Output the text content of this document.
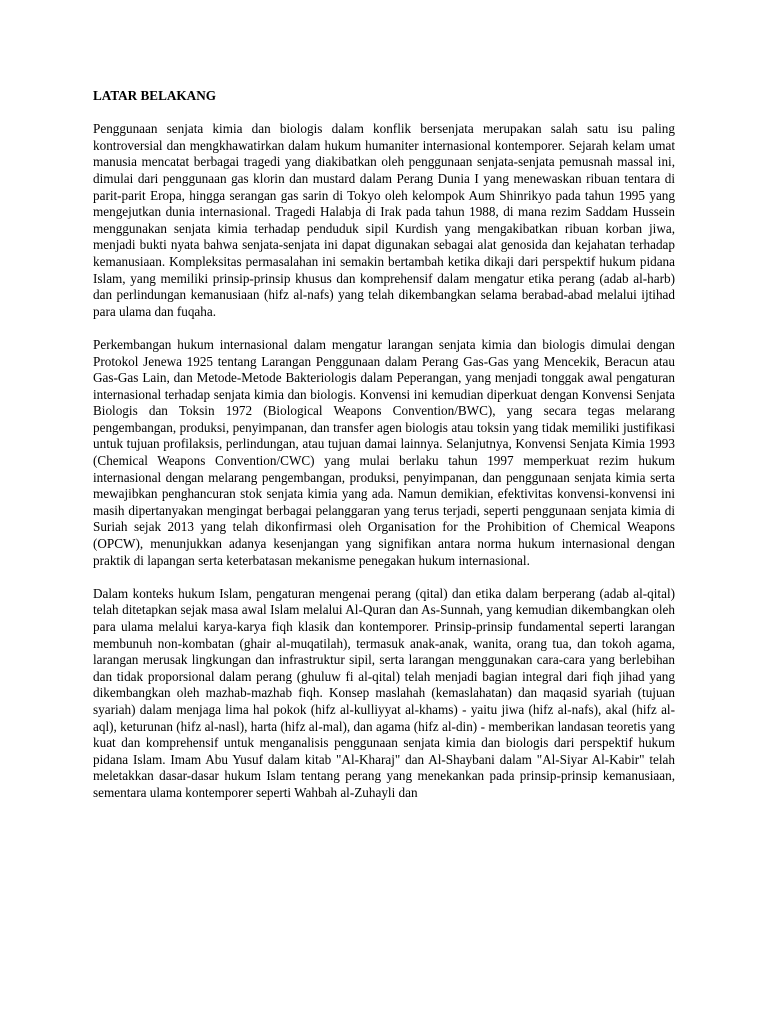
LATAR BELAKANG

Penggunaan senjata kimia dan biologis dalam konflik bersenjata merupakan salah satu isu paling kontroversial dan mengkhawatirkan dalam hukum humaniter internasional kontemporer. Sejarah kelam umat manusia mencatat berbagai tragedi yang diakibatkan oleh penggunaan senjata-senjata pemusnah massal ini, dimulai dari penggunaan gas klorin dan mustard dalam Perang Dunia I yang menewaskan ribuan tentara di parit-parit Eropa, hingga serangan gas sarin di Tokyo oleh kelompok Aum Shinrikyo pada tahun 1995 yang mengejutkan dunia internasional. Tragedi Halabja di Irak pada tahun 1988, di mana rezim Saddam Hussein menggunakan senjata kimia terhadap penduduk sipil Kurdish yang mengakibatkan ribuan korban jiwa, menjadi bukti nyata bahwa senjata-senjata ini dapat digunakan sebagai alat genosida dan kejahatan terhadap kemanusiaan. Kompleksitas permasalahan ini semakin bertambah ketika dikaji dari perspektif hukum pidana Islam, yang memiliki prinsip-prinsip khusus dan komprehensif dalam mengatur etika perang (adab al-harb) dan perlindungan kemanusiaan (hifz al-nafs) yang telah dikembangkan selama berabad-abad melalui ijtihad para ulama dan fuqaha.

Perkembangan hukum internasional dalam mengatur larangan senjata kimia dan biologis dimulai dengan Protokol Jenewa 1925 tentang Larangan Penggunaan dalam Perang Gas-Gas yang Mencekik, Beracun atau Gas-Gas Lain, dan Metode-Metode Bakteriologis dalam Peperangan, yang menjadi tonggak awal pengaturan internasional terhadap senjata kimia dan biologis. Konvensi ini kemudian diperkuat dengan Konvensi Senjata Biologis dan Toksin 1972 (Biological Weapons Convention/BWC), yang secara tegas melarang pengembangan, produksi, penyimpanan, dan transfer agen biologis atau toksin yang tidak memiliki justifikasi untuk tujuan profilaksis, perlindungan, atau tujuan damai lainnya. Selanjutnya, Konvensi Senjata Kimia 1993 (Chemical Weapons Convention/CWC) yang mulai berlaku tahun 1997 memperkuat rezim hukum internasional dengan melarang pengembangan, produksi, penyimpanan, dan penggunaan senjata kimia serta mewajibkan penghancuran stok senjata kimia yang ada. Namun demikian, efektivitas konvensi-konvensi ini masih dipertanyakan mengingat berbagai pelanggaran yang terus terjadi, seperti penggunaan senjata kimia di Suriah sejak 2013 yang telah dikonfirmasi oleh Organisation for the Prohibition of Chemical Weapons (OPCW), menunjukkan adanya kesenjangan yang signifikan antara norma hukum internasional dengan praktik di lapangan serta keterbatasan mekanisme penegakan hukum internasional.

Dalam konteks hukum Islam, pengaturan mengenai perang (qital) dan etika dalam berperang (adab al-qital) telah ditetapkan sejak masa awal Islam melalui Al-Quran dan As-Sunnah, yang kemudian dikembangkan oleh para ulama melalui karya-karya fiqh klasik dan kontemporer. Prinsip-prinsip fundamental seperti larangan membunuh non-kombatan (ghair al-muqatilah), termasuk anak-anak, wanita, orang tua, dan tokoh agama, larangan merusak lingkungan dan infrastruktur sipil, serta larangan menggunakan cara-cara yang berlebihan dan tidak proporsional dalam perang (ghuluw fi al-qital) telah menjadi bagian integral dari fiqh jihad yang dikembangkan oleh mazhab-mazhab fiqh. Konsep maslahah (kemaslahatan) dan maqasid syariah (tujuan syariah) dalam menjaga lima hal pokok (hifz al-kulliyyat al-khams) - yaitu jiwa (hifz al-nafs), akal (hifz al-aql), keturunan (hifz al-nasl), harta (hifz al-mal), dan agama (hifz al-din) - memberikan landasan teoretis yang kuat dan komprehensif untuk menganalisis penggunaan senjata kimia dan biologis dari perspektif hukum pidana Islam. Imam Abu Yusuf dalam kitab "Al-Kharaj" dan Al-Shaybani dalam "Al-Siyar Al-Kabir" telah meletakkan dasar-dasar hukum Islam tentang perang yang menekankan pada prinsip-prinsip kemanusiaan, sementara ulama kontemporer seperti Wahbah al-Zuhayli dan
